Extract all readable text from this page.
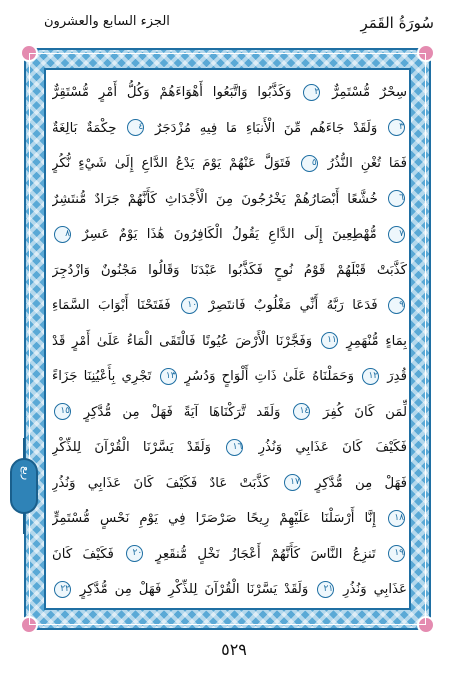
سُورَةُ القَمَرِ
الجزء السابع والعشرون
سِحْرٌ مُّسْتَمِرٌّ ٢ وَكَذَّبُوا وَاتَّبَعُوا أَهْوَاءَهُمْ وَكُلُّ أَمْرٍ مُّسْتَقِرٌّ
٣ وَلَقَدْ جَاءَهُم مِّنَ الْأَنبَاءِ مَا فِيهِ مُزْدَجَرٌ ٤ حِكْمَةٌ بَالِغَةٌ
فَمَا تُغْنِ النُّذُرُ ٥ فَتَوَلَّ عَنْهُمْ يَوْمَ يَدْعُ الدَّاعِ إِلَىٰ شَيْءٍ نُّكُرٍ
٦ خُشَّعًا أَبْصَارُهُمْ يَخْرُجُونَ مِنَ الْأَجْدَاثِ كَأَنَّهُمْ جَرَادٌ مُّنتَشِرٌ
٧ مُّهْطِعِينَ إِلَى الدَّاعِ يَقُولُ الْكَافِرُونَ هَٰذَا يَوْمٌ عَسِرٌ ٨
كَذَّبَتْ قَبْلَهُمْ قَوْمُ نُوحٍ فَكَذَّبُوا عَبْدَنَا وَقَالُوا مَجْنُونٌ وَازْدُجِرَ
٩ فَدَعَا رَبَّهُ أَنِّي مَغْلُوبٌ فَانتَصِرْ ١٠ فَفَتَحْنَا أَبْوَابَ السَّمَاءِ
بِمَاءٍ مُّنْهَمِرٍ ١١ وَفَجَّرْنَا الْأَرْضَ عُيُونًا فَالْتَقَى الْمَاءُ عَلَىٰ أَمْرٍ قَدْ
قُدِرَ ١٢ وَحَمَلْنَاهُ عَلَىٰ ذَاتِ أَلْوَاحٍ وَدُسُرٍ ١٣ تَجْرِي بِأَعْيُنِنَا جَزَاءً
لِّمَن كَانَ كُفِرَ ١٤ وَلَقَد تَّرَكْنَاهَا آيَةً فَهَلْ مِن مُّدَّكِرٍ ١٥
فَكَيْفَ كَانَ عَذَابِي وَنُذُرِ ١٦ وَلَقَدْ يَسَّرْنَا الْقُرْآنَ لِلذِّكْرِ
فَهَلْ مِن مُّدَّكِرٍ ١٧ كَذَّبَتْ عَادٌ فَكَيْفَ كَانَ عَذَابِي وَنُذُرِ
١٨ إِنَّا أَرْسَلْنَا عَلَيْهِمْ رِيحًا صَرْصَرًا فِي يَوْمِ نَحْسٍ مُّسْتَمِرٍّ
١٩ تَنزِعُ النَّاسَ كَأَنَّهُمْ أَعْجَازُ نَخْلٍ مُّنقَعِرٍ ٢٠ فَكَيْفَ كَانَ
عَذَابِي وَنُذُرِ ٢١ وَلَقَدْ يَسَّرْنَا الْقُرْآنَ لِلذِّكْرِ فَهَلْ مِن مُّدَّكِرٍ ٢٢
ربع
٥٢٩
